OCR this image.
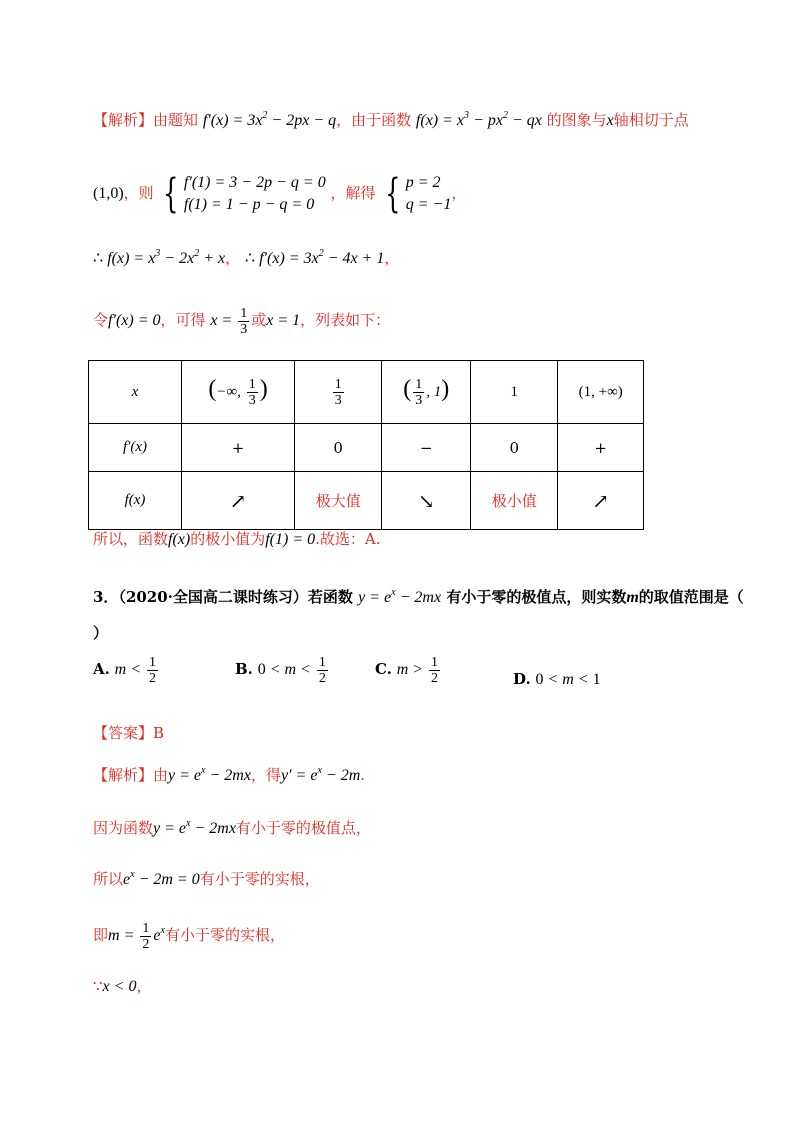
【解析】由题知 $f'(x) = 3x^2 - 2px - q$，由于函数 $f(x) = x^3 - px^2$ − qx 的图象与x轴相切于点
(1,0)，则 { f′(1) = 3 − 2p − q = 0
f(1) = 1 − p − q = 0 ，解得 { p = 2
q = −1，
∴ $f(x) = x^3 - 2x^2 + x$， ∴ $f'(x) = 3x^2 - 4x + 1$，
令f′(x) = 0，可得 $x = \frac{1}{3}$ 或x = 1，列表如下：
x	(−∞, $\frac{1}{3}$ )	$\frac{1}{3}$	( $\frac{1}{3}$ , 1)	1	(1, +∞)
f′(x)	+	0	−	0	+
f(x)	↗	极大值	↘	极小值	↗
所以，函数f(x)的极小值为f(1) = 0.故选：A.
3．（2020·全国高二课时练习）若函数 $y = e^x - 2mx$ 有小于零的极值点，则实数m的取值范围是（
）
A. $m < \frac{1}{2}$	B. $0 < m < \frac{1}{2}$	C. $m > \frac{1}{2}$	D. 0 < m < 1
【答案】B
【解析】由$y = e^x - 2mx$，得$y' = e^x - 2m$.
因为函数$y = e^x - 2mx$有小于零的极值点，
所以$e^x - 2m = 0$有小于零的实根，
即$m = \frac{1}{2} e^x$有小于零的实根，
∵x < 0，
